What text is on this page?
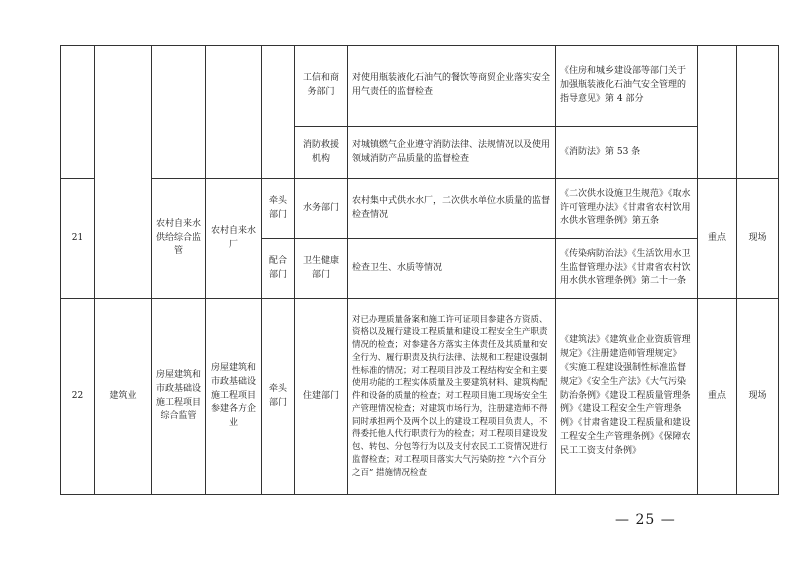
					工信和商务部门	对使用瓶装液化石油气的餐饮等商贸企业落实安全用气责任的监督检查	《住房和城乡建设部等部门关于加强瓶装液化石油气安全管理的指导意见》第 4 部分		
					消防救援机构	对城镇燃气企业遵守消防法律、法规情况以及使用领域消防产品质量的监督检查	《消防法》第 53 条		
21		农村自来水供给综合监管	农村自来水厂	牵头部门	水务部门	农村集中式供水水厂，二次供水单位水质量的监督检查情况	《二次供水设施卫生规范》《取水许可管理办法》《甘肃省农村饮用水供水管理条例》第五条	重点	现场
				配合部门	卫生健康部门	检查卫生、水质等情况	《传染病防治法》《生活饮用水卫生监督管理办法》《甘肃省农村饮用水供水管理条例》第二十一条		
22	建筑业	房屋建筑和市政基础设施工程项目综合监管	房屋建筑和市政基础设施工程项目参建各方企业	牵头部门	住建部门	对已办理质量备案和施工许可证项目参建各方资质、资格以及履行建设工程质量和建设工程安全生产职责情况的检查；对参建各方落实主体责任及其质量和安全行为、履行职责及执行法律、法规和工程建设强制性标准的情况；对工程项目涉及工程结构安全和主要使用功能的工程实体质量及主要建筑材料、建筑构配件和设备的质量的检查；对工程项目施工现场安全生产管理情况检查；对建筑市场行为，注册建造师不得同时承担两个及两个以上的建设工程项目负责人，不得委托他人代行职责行为的检查；对工程项目建设发包、转包、分包等行为以及支付农民工工资情况进行监督检查；对工程项目落实大气污染防控 “六个百分之百” 措施情况检查	《建筑法》《建筑业企业资质管理规定》《注册建造师管理规定》《实施工程建设强制性标准监督规定》《安全生产法》《大气污染防治条例》《建设工程质量管理条例》《建设工程安全生产管理条例》《甘肃省建设工程质量和建设工程安全生产管理条例》《保障农民工工资支付条例》	重点	现场
— 25 —
